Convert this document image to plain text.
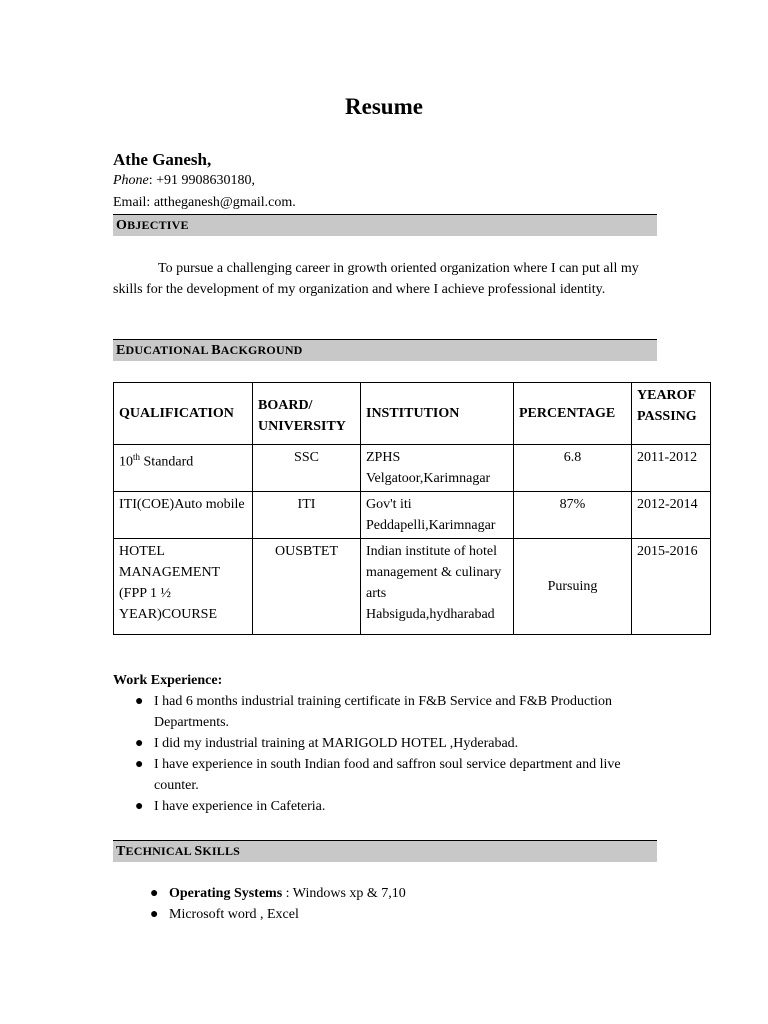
Resume
Athe Ganesh,
Phone: +91 9908630180,
Email: attheganesh@gmail.com.
OBJECTIVE
To pursue a challenging career in growth oriented organization where I can put all my skills for the development of my organization and where I achieve professional identity.
EDUCATIONAL BACKGROUND
QUALIFICATION	BOARD/ UNIVERSITY	INSTITUTION	PERCENTAGE	YEAROF PASSING
10th Standard	SSC	ZPHS Velgatoor,Karimnagar	6.8	2011-2012
ITI(COE)Auto mobile	ITI	Gov't iti Peddapelli,Karimnagar	87%	2012-2014
HOTEL MANAGEMENT (FPP 1 ½ YEAR)COURSE	OUSBTET	Indian institute of hotel management & culinary arts Habsiguda,hydharabad	Pursuing	2015-2016
Work Experience:
● I had 6 months industrial training certificate in F&B Service and F&B Production Departments.
● I did my industrial training at MARIGOLD HOTEL ,Hyderabad.
● I have experience in south Indian food and saffron soul service department and live counter.
● I have experience in Cafeteria.
TECHNICAL SKILLS
● Operating Systems : Windows xp & 7,10
● Microsoft word , Excel
